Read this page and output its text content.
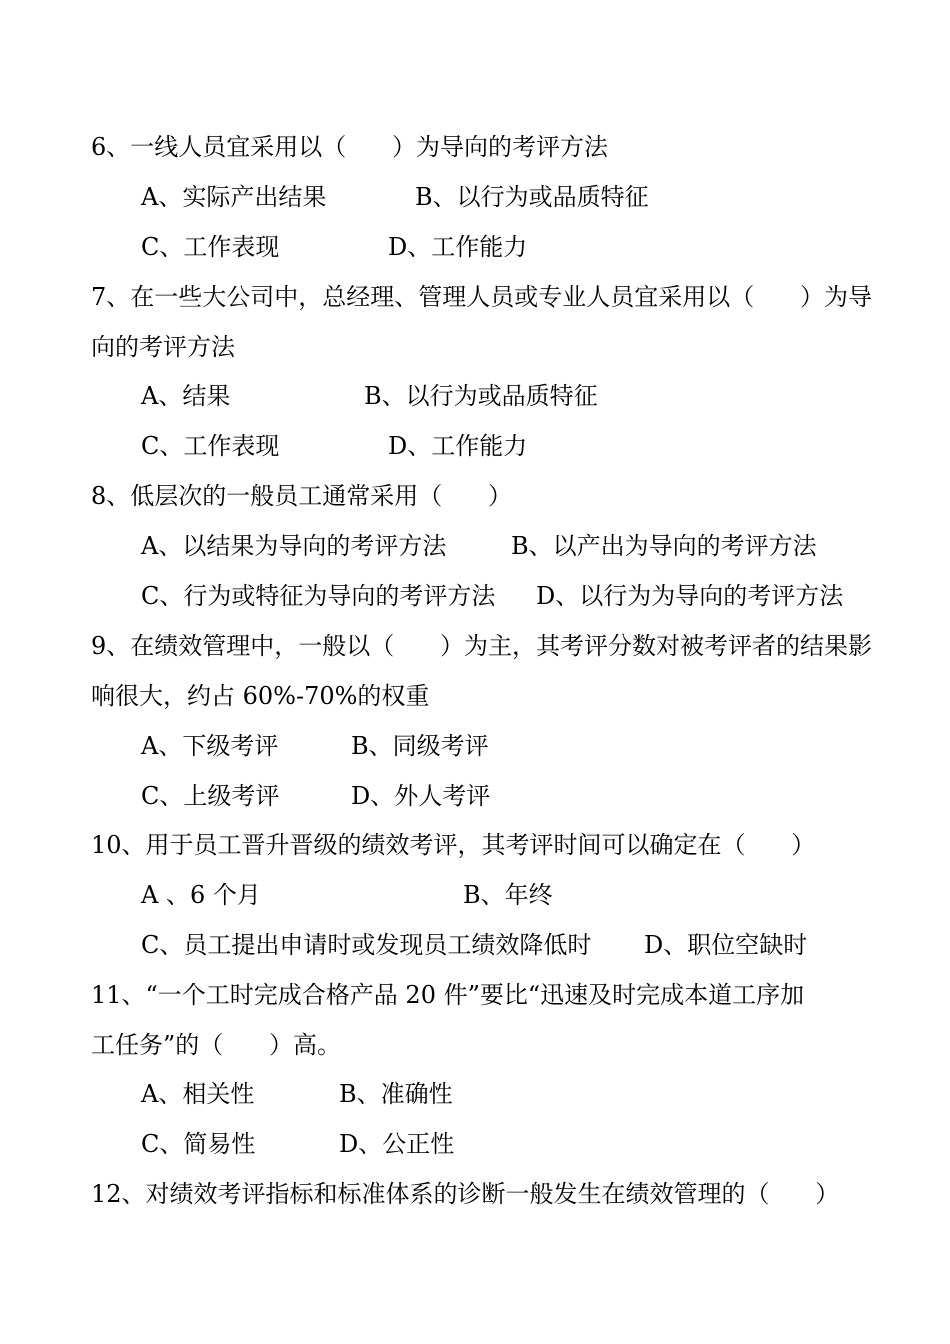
6、一线人员宜采用以（      ）为导向的考评方法
A、实际产出结果	B、以行为或品质特征
C、工作表现	D、工作能力
7、在一些大公司中，总经理、管理人员或专业人员宜采用以（      ）为导
向的考评方法
A、结果	B、以行为或品质特征
C、工作表现	D、工作能力
8、低层次的一般员工通常采用（      ）
A、以结果为导向的考评方法	B、以产出为导向的考评方法
C、行为或特征为导向的考评方法 D、以行为为导向的考评方法
9、在绩效管理中，一般以（      ）为主，其考评分数对被考评者的结果影
响很大，约占 60%-70%的权重
A、下级考评	B、同级考评
C、上级考评	D、外人考评
10、用于员工晋升晋级的绩效考评，其考评时间可以确定在（      ）
A 、6 个月	B、年终
C、员工提出申请时或发现员工绩效降低时 D、职位空缺时
11、“一个工时完成合格产品 20 件”要比“迅速及时完成本道工序加
工任务”的（      ）高。
A、相关性	B、准确性
C、简易性	D、公正性
12、对绩效考评指标和标准体系的诊断一般发生在绩效管理的（      ）
